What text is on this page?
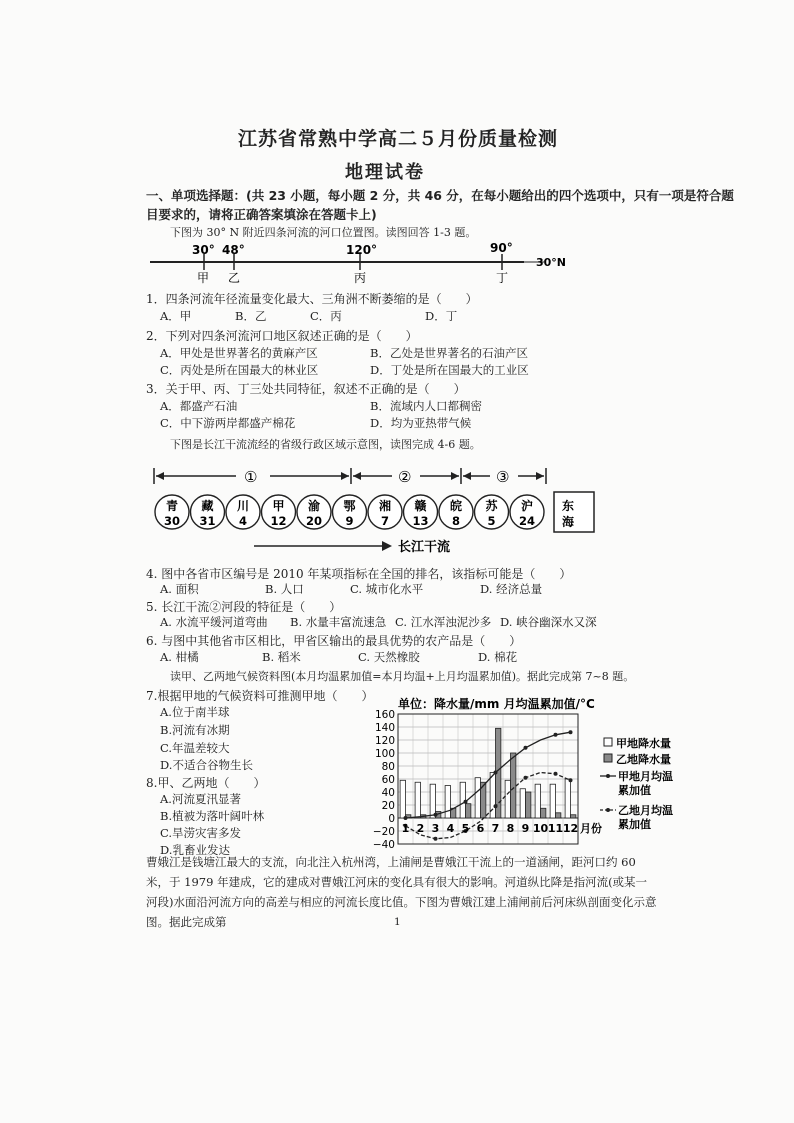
江苏省常熟中学高二５月份质量检测
地理试卷
一、单项选择题：(共 23 小题，每小题 2 分，共 46 分，在每小题给出的四个选项中，只有一项是符合题
目要求的，请将正确答案填涂在答题卡上)
下图为 30° N 附近四条河流的河口位置图。读图回答 1-3 题。
30° 48°	120°	90°
30°N
甲 乙	丙	丁
1．四条河流年径流量变化最大、三角洲不断萎缩的是（　　）
A．甲	B．乙	C．丙	D．丁
2．下列对四条河流河口地区叙述正确的是（　　）
A．甲处是世界著名的黄麻产区	B．乙处是世界著名的石油产区
C．丙处是所在国最大的林业区	D．丁处是所在国最大的工业区
3．关于甲、丙、丁三处共同特征，叙述不正确的是（　　）
A．都盛产石油	B．流域内人口都稠密
C．中下游两岸都盛产棉花	D．均为亚热带气候
下图是长江干流流经的省级行政区域示意图，读图完成 4-6 题。
①	②	③
青
30
藏
31
川
4
甲
12
渝
20
鄂
9
湘
7
赣
13
皖
8
苏
5
沪
24
东
海
长江干流
4. 图中各省市区编号是 2010 年某项指标在全国的排名，该指标可能是（　　）
A. 面积	B. 人口	C. 城市化水平	D. 经济总量
5. 长江干流②河段的特征是（　　）
A. 水流平缓河道弯曲 B. 水量丰富流速急 C. 江水浑浊泥沙多 D. 峡谷幽深水又深
6. 与图中其他省市区相比，甲省区输出的最具优势的农产品是（　　）
A. 柑橘	B. 稻米	C. 天然橡胶	D. 棉花
读甲、乙两地气候资料图(本月均温累加值=本月均温+上月均温累加值)。据此完成第 7~8 题。
7.根据甲地的气候资料可推测甲地（　　）
A.位于南半球
B.河流有冰期
C.年温差较大
D.不适合谷物生长
8.甲、乙两地（　　）
A.河流夏汛显著
B.植被为落叶阔叶林
C.旱涝灾害多发
D.乳畜业发达
单位：降水量/mm 月均温累加值/°C
−40
−20
0
20
40
60
80
100
120
140
160
1 2 3 4 5 6 7 8 9 10 11 12 月份
甲地降水量
乙地降水量
甲地月均温
累加值
乙地月均温
累加值
曹娥江是钱塘江最大的支流，向北注入杭州湾，上浦闸是曹娥江干流上的一道涵闸，距河口约 60 米，于 1979 年建成，它的建成对曹娥江河床的变化具有很大的影响。河道纵比降是指河流(或某一河段)水面沿河流方向的高差与相应的河流长度比值。下图为曹娥江建上浦闸前后河床纵剖面变化示意图。据此完成第	1
